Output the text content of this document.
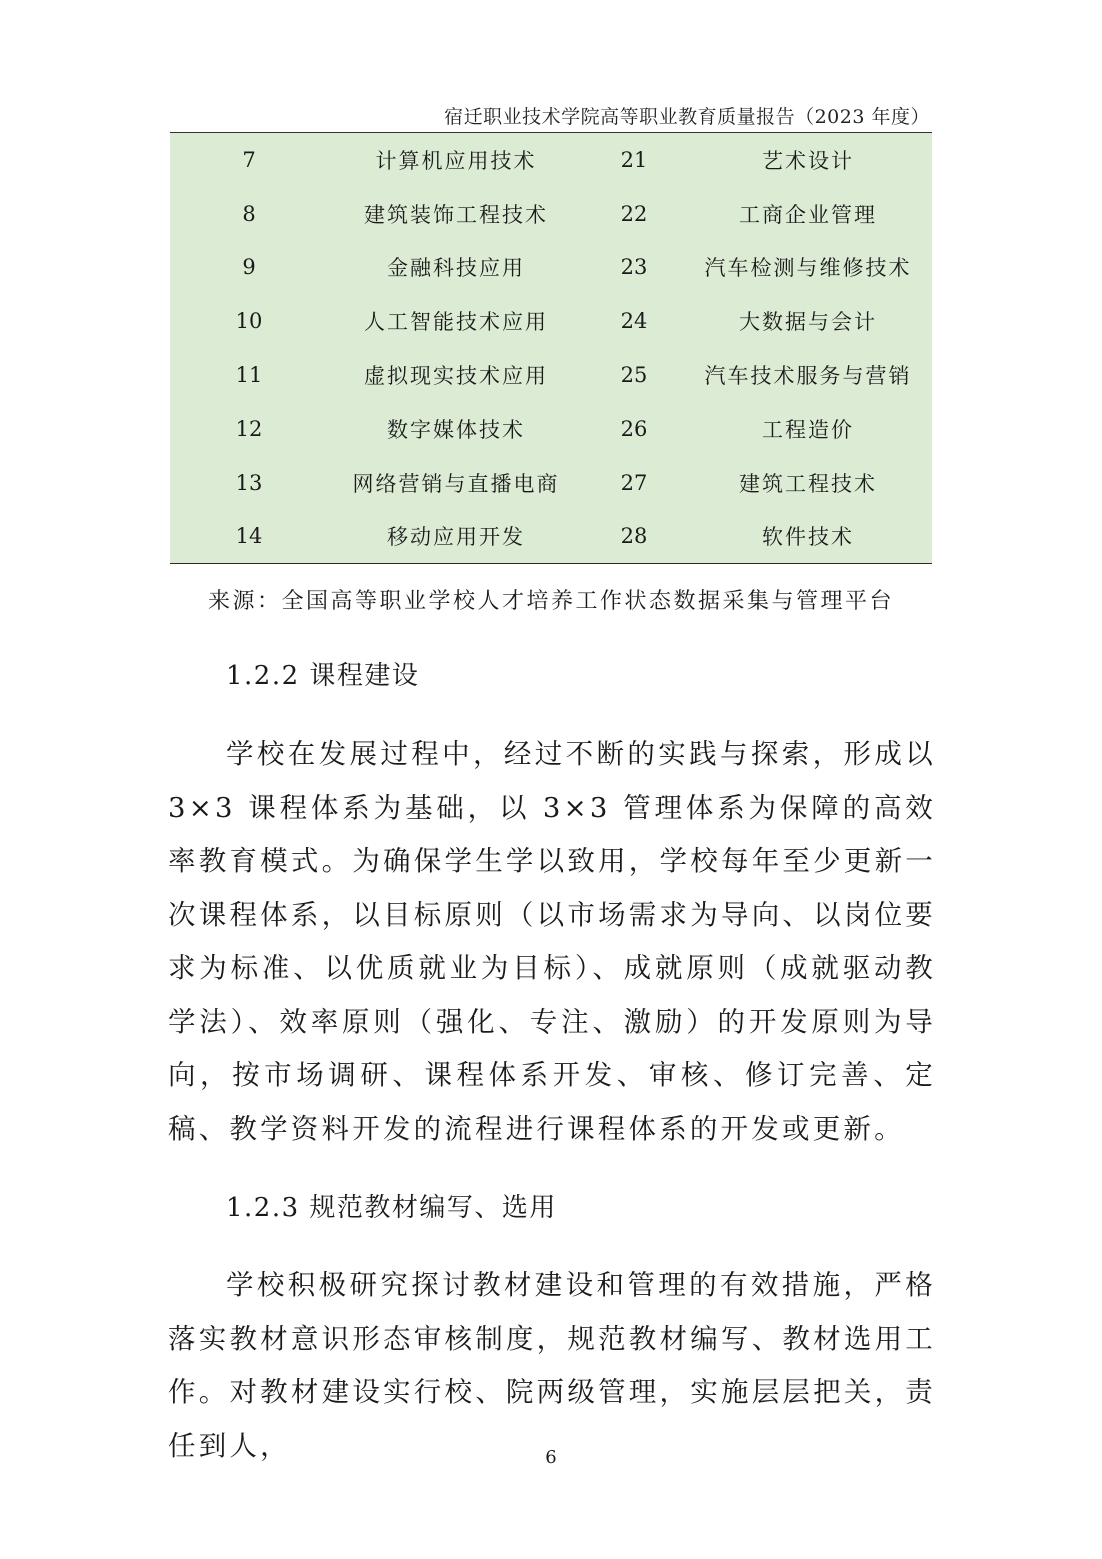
宿迁职业技术学院高等职业教育质量报告（2023 年度）
7	计算机应用技术	21	艺术设计
8	建筑装饰工程技术	22	工商企业管理
9	金融科技应用	23	汽车检测与维修技术
10	人工智能技术应用	24	大数据与会计
11	虚拟现实技术应用	25	汽车技术服务与营销
12	数字媒体技术	26	工程造价
13	网络营销与直播电商	27	建筑工程技术
14	移动应用开发	28	软件技术
来源：全国高等职业学校人才培养工作状态数据采集与管理平台
1.2.2 课程建设

学校在发展过程中，经过不断的实践与探索，形成以 3×3 课程体系为基础，以 3×3 管理体系为保障的高效率教育模式。为确保学生学以致用，学校每年至少更新一次课程体系，以目标原则（以市场需求为导向、以岗位要求为标准、以优质就业为目标）、成就原则（成就驱动教学法）、效率原则（强化、专注、激励）的开发原则为导向，按市场调研、课程体系开发、审核、修订完善、定稿、教学资料开发的流程进行课程体系的开发或更新。

1.2.3 规范教材编写、选用

学校积极研究探讨教材建设和管理的有效措施，严格落实教材意识形态审核制度，规范教材编写、教材选用工作。对教材建设实行校、院两级管理，实施层层把关，责任到人，	6
